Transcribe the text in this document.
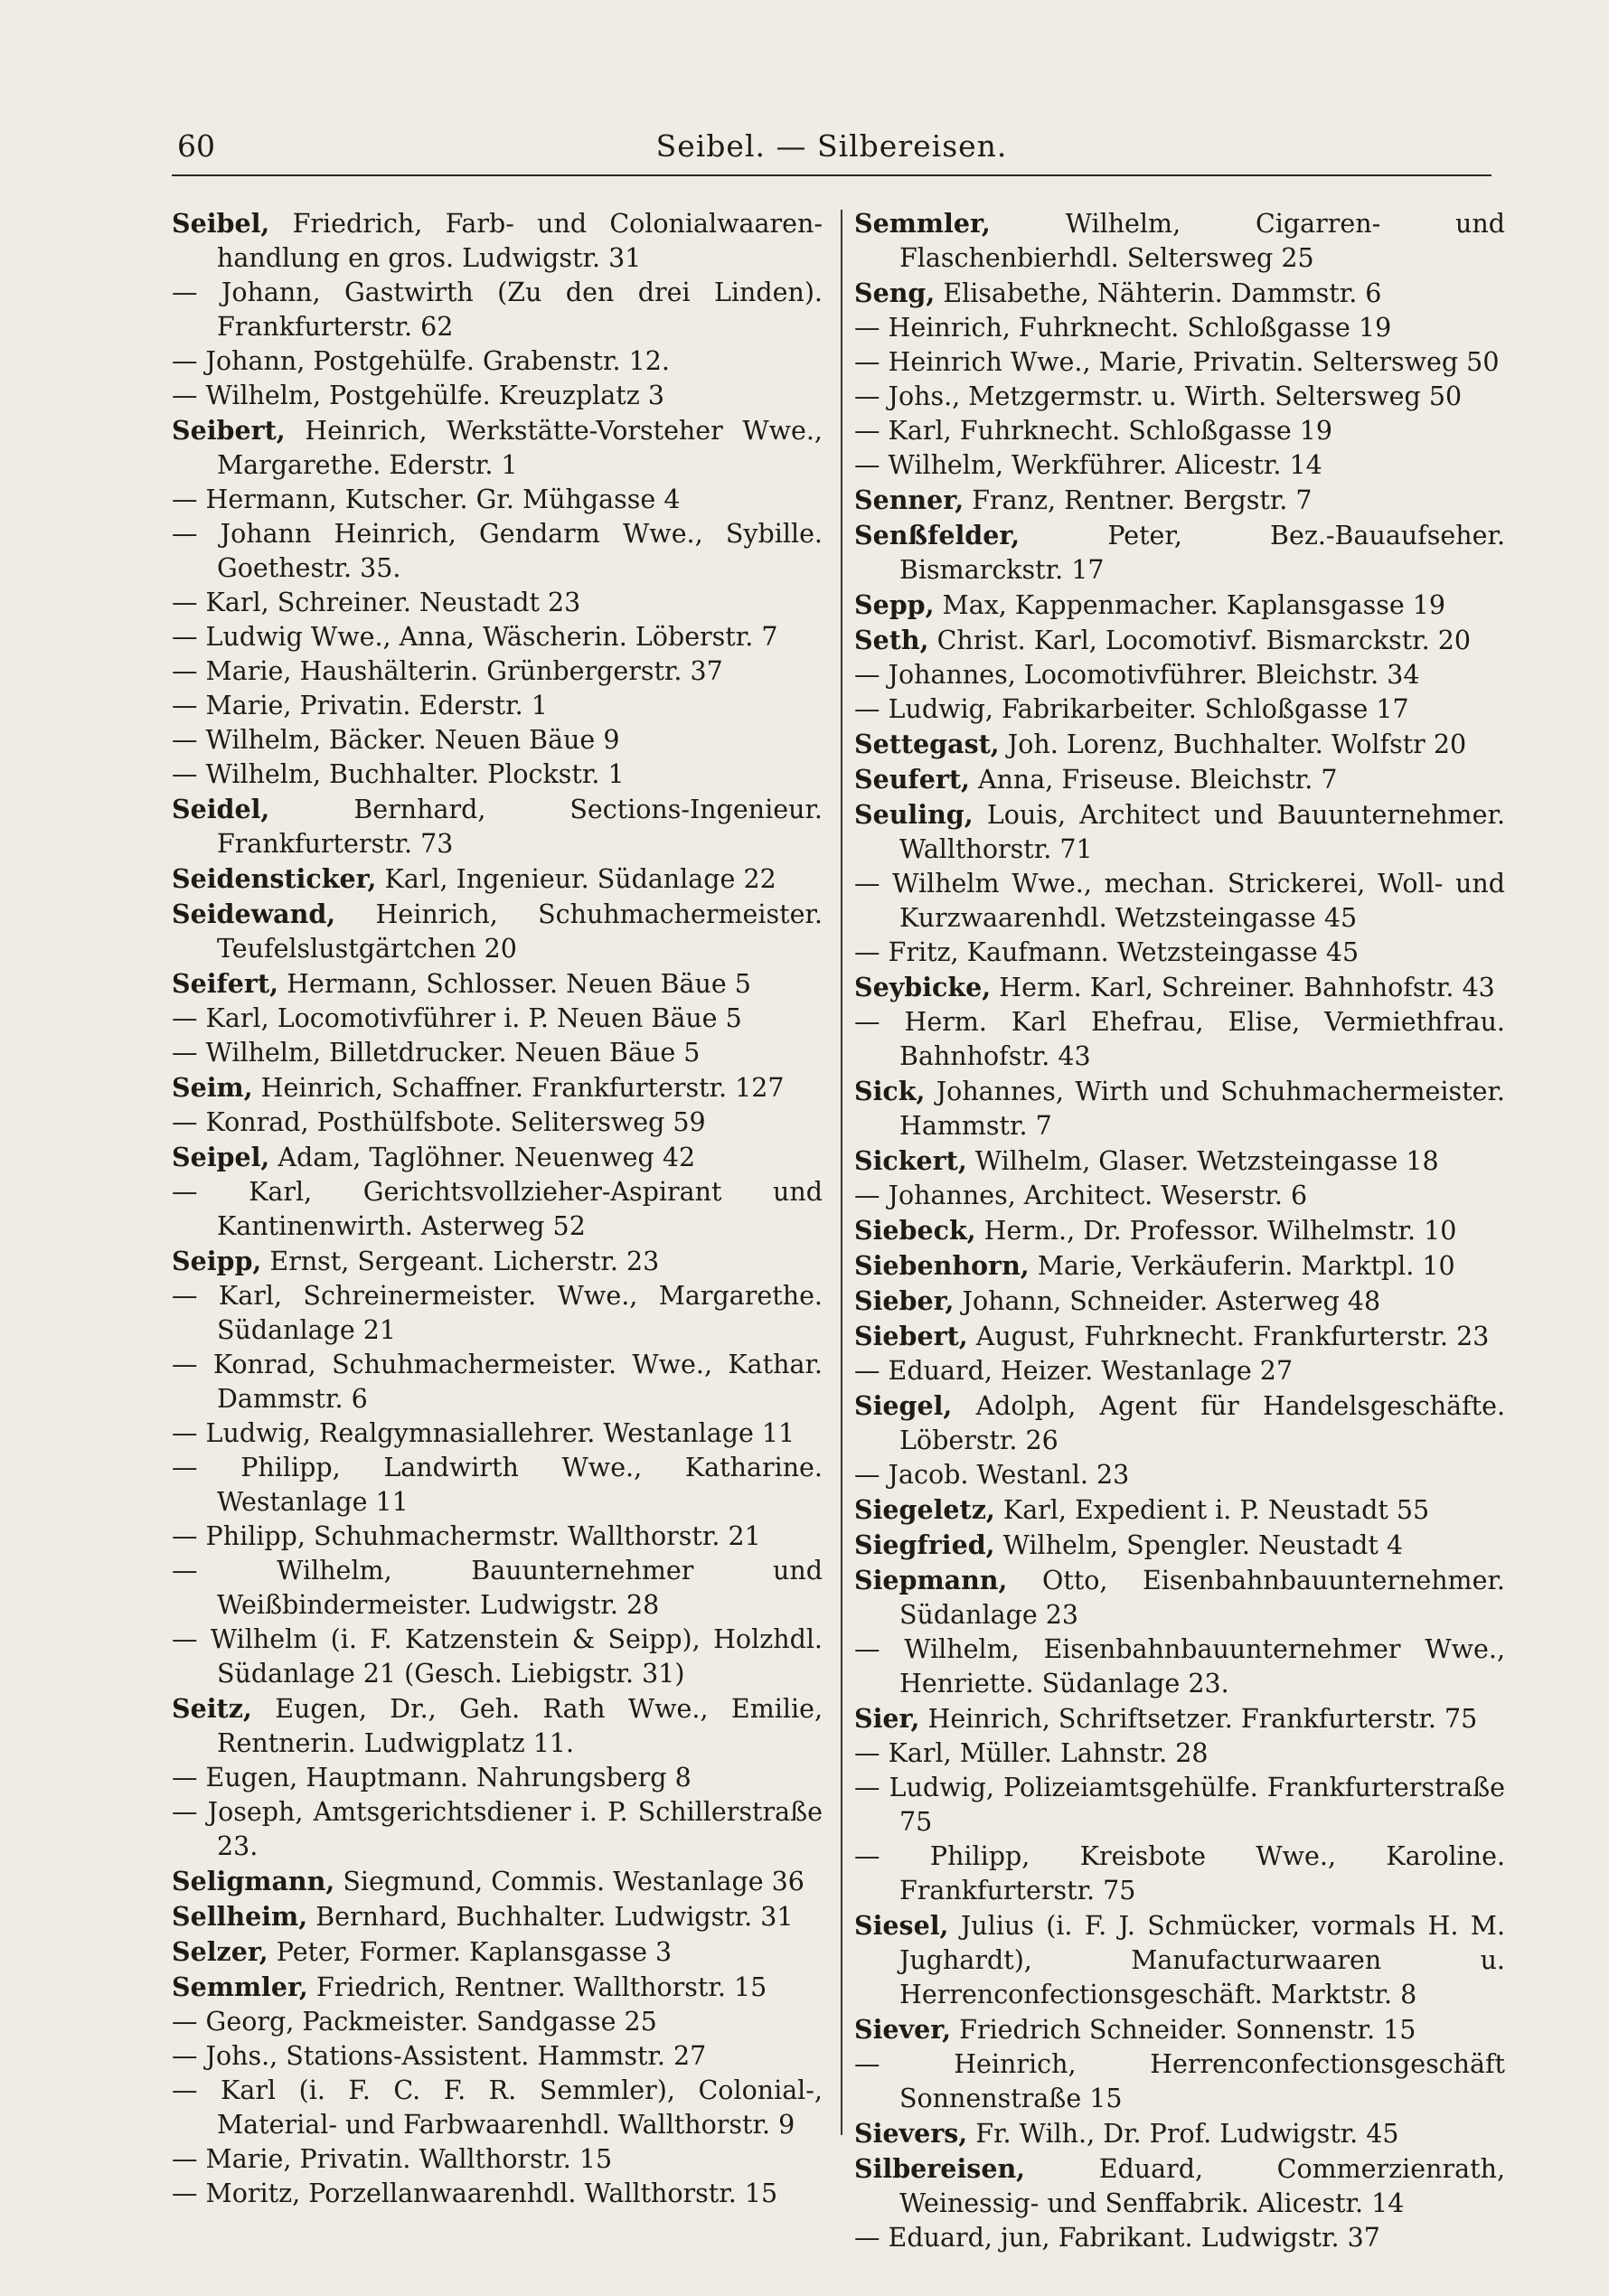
60	Seibel. — Silbereisen.
Seibel, Friedrich, Farb- und Colonialwaaren-handlung en gros. Ludwigstr. 31
— Johann, Gastwirth (Zu den drei Linden). Frankfurterstr. 62
— Johann, Postgehülfe. Grabenstr. 12.
— Wilhelm, Postgehülfe. Kreuzplatz 3
Seibert, Heinrich, Werkstätte-Vorsteher Wwe., Margarethe. Ederstr. 1
— Hermann, Kutscher. Gr. Mühgasse 4
— Johann Heinrich, Gendarm Wwe., Sybille. Goethestr. 35.
— Karl, Schreiner. Neustadt 23
— Ludwig Wwe., Anna, Wäscherin. Löberstr. 7
— Marie, Haushälterin. Grünbergerstr. 37
— Marie, Privatin. Ederstr. 1
— Wilhelm, Bäcker. Neuen Bäue 9
— Wilhelm, Buchhalter. Plockstr. 1
Seidel, Bernhard, Sections-Ingenieur. Frankfurterstr. 73
Seidensticker, Karl, Ingenieur. Südanlage 22
Seidewand, Heinrich, Schuhmachermeister. Teufelslustgärtchen 20
Seifert, Hermann, Schlosser. Neuen Bäue 5
— Karl, Locomotivführer i. P. Neuen Bäue 5
— Wilhelm, Billetdrucker. Neuen Bäue 5
Seim, Heinrich, Schaffner. Frankfurterstr. 127
— Konrad, Posthülfsbote. Selitersweg 59
Seipel, Adam, Taglöhner. Neuenweg 42
— Karl, Gerichtsvollzieher-Aspirant und Kantinenwirth. Asterweg 52
Seipp, Ernst, Sergeant. Licherstr. 23
— Karl, Schreinermeister. Wwe., Margarethe. Südanlage 21
— Konrad, Schuhmachermeister. Wwe., Kathar. Dammstr. 6
— Ludwig, Realgymnasiallehrer. Westanlage 11
— Philipp, Landwirth Wwe., Katharine. Westanlage 11
— Philipp, Schuhmachermstr. Wallthorstr. 21
— Wilhelm, Bauunternehmer und Weißbindermeister. Ludwigstr. 28
— Wilhelm (i. F. Katzenstein & Seipp), Holzhdl. Südanlage 21 (Gesch. Liebigstr. 31)
Seitz, Eugen, Dr., Geh. Rath Wwe., Emilie, Rentnerin. Ludwigplatz 11.
— Eugen, Hauptmann. Nahrungsberg 8
— Joseph, Amtsgerichtsdiener i. P. Schillerstraße 23.
Seligmann, Siegmund, Commis. Westanlage 36
Sellheim, Bernhard, Buchhalter. Ludwigstr. 31
Selzer, Peter, Former. Kaplansgasse 3
Semmler, Friedrich, Rentner. Wallthorstr. 15
— Georg, Packmeister. Sandgasse 25
— Johs., Stations-Assistent. Hammstr. 27
— Karl (i. F. C. F. R. Semmler), Colonial-, Material- und Farbwaarenhdl. Wallthorstr. 9
— Marie, Privatin. Wallthorstr. 15
— Moritz, Porzellanwaarenhdl. Wallthorstr. 15
Semmler, Wilhelm, Cigarren- und Flaschenbierhdl. Seltersweg 25
Seng, Elisabethe, Nähterin. Dammstr. 6
— Heinrich, Fuhrknecht. Schloßgasse 19
— Heinrich Wwe., Marie, Privatin. Seltersweg 50
— Johs., Metzgermstr. u. Wirth. Seltersweg 50
— Karl, Fuhrknecht. Schloßgasse 19
— Wilhelm, Werkführer. Alicestr. 14
Senner, Franz, Rentner. Bergstr. 7
Senßfelder, Peter, Bez.-Bauaufseher. Bismarckstr. 17
Sepp, Max, Kappenmacher. Kaplansgasse 19
Seth, Christ. Karl, Locomotivf. Bismarckstr. 20
— Johannes, Locomotivführer. Bleichstr. 34
— Ludwig, Fabrikarbeiter. Schloßgasse 17
Settegast, Joh. Lorenz, Buchhalter. Wolfstr 20
Seufert, Anna, Friseuse. Bleichstr. 7
Seuling, Louis, Architect und Bauunternehmer. Wallthorstr. 71
— Wilhelm Wwe., mechan. Strickerei, Woll- und Kurzwaarenhdl. Wetzsteingasse 45
— Fritz, Kaufmann. Wetzsteingasse 45
Seybicke, Herm. Karl, Schreiner. Bahnhofstr. 43
— Herm. Karl Ehefrau, Elise, Vermiethfrau. Bahnhofstr. 43
Sick, Johannes, Wirth und Schuhmachermeister. Hammstr. 7
Sickert, Wilhelm, Glaser. Wetzsteingasse 18
— Johannes, Architect. Weserstr. 6
Siebeck, Herm., Dr. Professor. Wilhelmstr. 10
Siebenhorn, Marie, Verkäuferin. Marktpl. 10
Sieber, Johann, Schneider. Asterweg 48
Siebert, August, Fuhrknecht. Frankfurterstr. 23
— Eduard, Heizer. Westanlage 27
Siegel, Adolph, Agent für Handelsgeschäfte. Löberstr. 26
— Jacob. Westanl. 23
Siegeletz, Karl, Expedient i. P. Neustadt 55
Siegfried, Wilhelm, Spengler. Neustadt 4
Siepmann, Otto, Eisenbahnbauunternehmer. Südanlage 23
— Wilhelm, Eisenbahnbauunternehmer Wwe., Henriette. Südanlage 23.
Sier, Heinrich, Schriftsetzer. Frankfurterstr. 75
— Karl, Müller. Lahnstr. 28
— Ludwig, Polizeiamtsgehülfe. Frankfurterstraße 75
— Philipp, Kreisbote Wwe., Karoline. Frankfurterstr. 75
Siesel, Julius (i. F. J. Schmücker, vormals H. M. Jughardt), Manufacturwaaren u. Herrenconfectionsgeschäft. Marktstr. 8
Siever, Friedrich Schneider. Sonnenstr. 15
— Heinrich, Herrenconfectionsgeschäft Sonnenstraße 15
Sievers, Fr. Wilh., Dr. Prof. Ludwigstr. 45
Silbereisen, Eduard, Commerzienrath, Weinessig- und Senffabrik. Alicestr. 14
— Eduard, jun, Fabrikant. Ludwigstr. 37
